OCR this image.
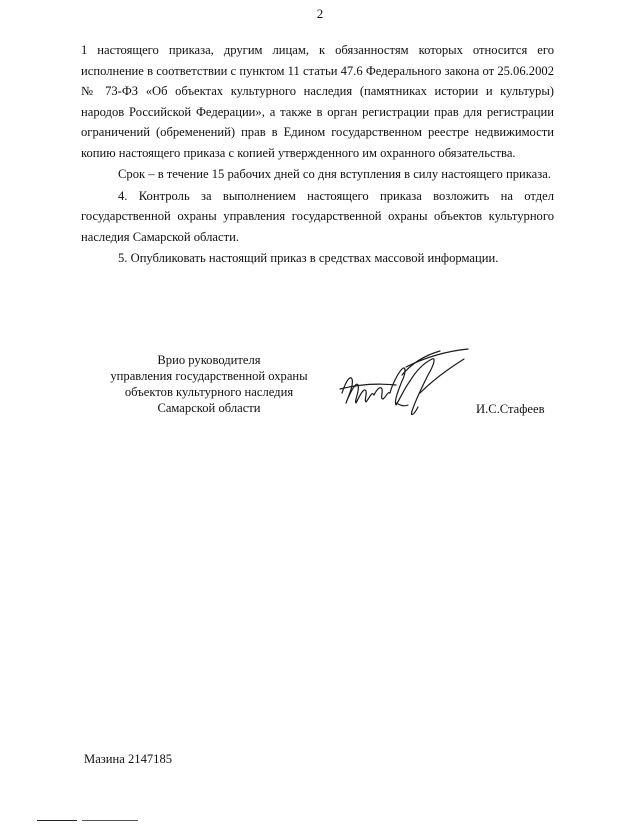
2

1 настоящего приказа, другим лицам, к обязанностям которых относится его исполнение в соответствии с пунктом 11 статьи 47.6 Федерального закона от 25.06.2002 № 73-ФЗ «Об объектах культурного наследия (памятниках истории и культуры) народов Российской Федерации», а также в орган регистрации прав для регистрации ограничений (обременений) прав в Едином государственном реестре недвижимости копию настоящего приказа с копией утвержденного им охранного обязательства.

Срок – в течение 15 рабочих дней со дня вступления в силу настоящего приказа.

4. Контроль за выполнением настоящего приказа возложить на отдел государственной охраны управления государственной охраны объектов культурного наследия Самарской области.

5. Опубликовать настоящий приказ в средствах массовой информации.

Врио руководителя
управления государственной охраны
объектов культурного наследия
Самарской области	И.С.Стафеев
Мазина 2147185
